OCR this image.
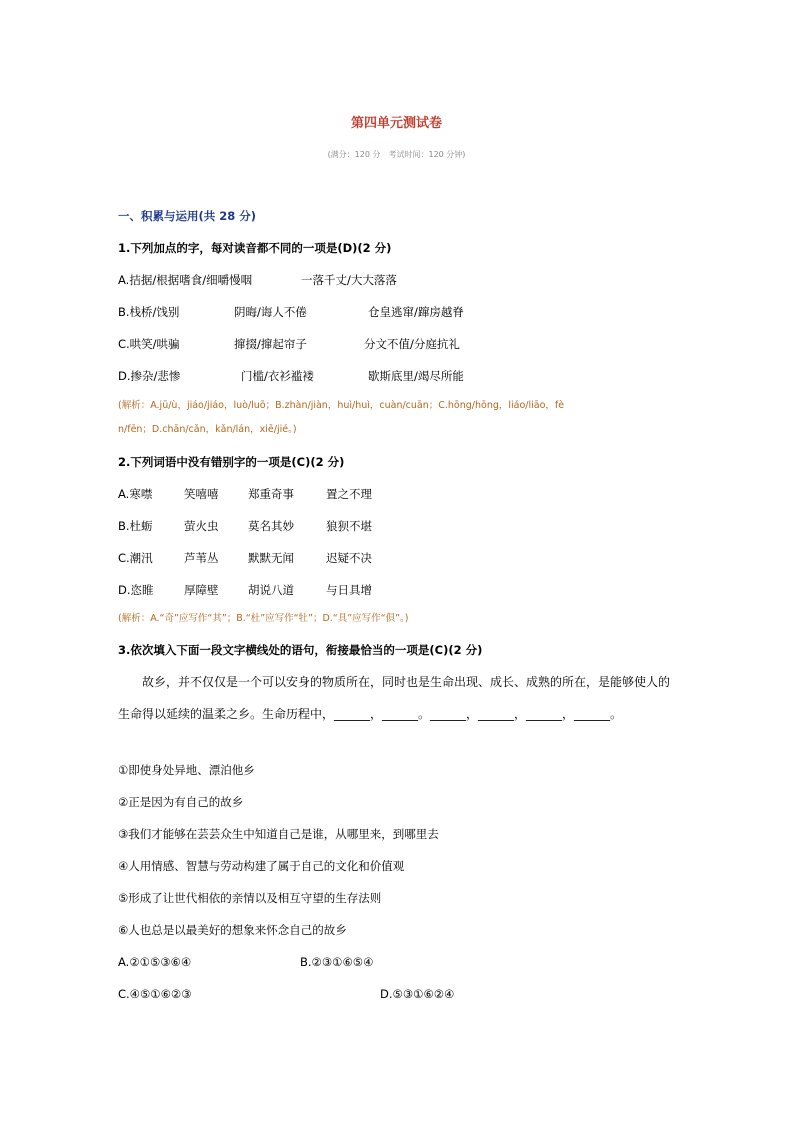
第四单元测试卷
(满分：120 分　考试时间：120 分钟)
一、积累与运用(共 28 分)
1.下列加点的字，每对读音都不同的一项是(D)(2 分)
A.拮据/根据嗜食/细嚼慢咽	一落千丈/大大落落
B.栈桥/饯别	阴晦/诲人不倦	仓皇逃窜/蹿房越脊
C.哄笑/哄骗	撺掇/撺起帘子	分文不值/分庭抗礼
D.掺杂/悲惨	门槛/衣衫褴褛	歇斯底里/竭尽所能
(解析：A.jū/ù，jiáo/jiáo，luò/luō；B.zhàn/jiàn，huì/huì，cuàn/cuān；C.hōng/hōng，liáo/liāo，fè
n/fēn；D.chān/cǎn，kǎn/lán，xiē/jié。)
2.下列词语中没有错别字的一项是(C)(2 分)
A.寒噤	笑嘻嘻	郑重奇事	置之不理
B.杜蛎	萤火虫	莫名其妙	狼狈不堪
C.潮汛	芦苇丛	默默无闻	迟疑不决
D.恣睢	厚障壁	胡说八道	与日具增
(解析：A.“奇”应写作“其”；B.“杜”应写作“牡”；D.“具”应写作“俱”。)
3.依次填入下面一段文字横线处的语句，衔接最恰当的一项是(C)(2 分)
故乡，并不仅仅是一个可以安身的物质所在，同时也是生命出现、成长、成熟的所在，是能够使人的生命得以延续的温柔之乡。生命历程中，______，______。______，______，______，______。
①即使身处异地、漂泊他乡
②正是因为有自己的故乡
③我们才能够在芸芸众生中知道自己是谁，从哪里来，到哪里去
④人用情感、智慧与劳动构建了属于自己的文化和价值观
⑤形成了让世代相依的亲情以及相互守望的生存法则
⑥人也总是以最美好的想象来怀念自己的故乡
A.②①⑤③⑥④	B.②③①⑥⑤④
C.④⑤①⑥②③	D.⑤③①⑥②④
